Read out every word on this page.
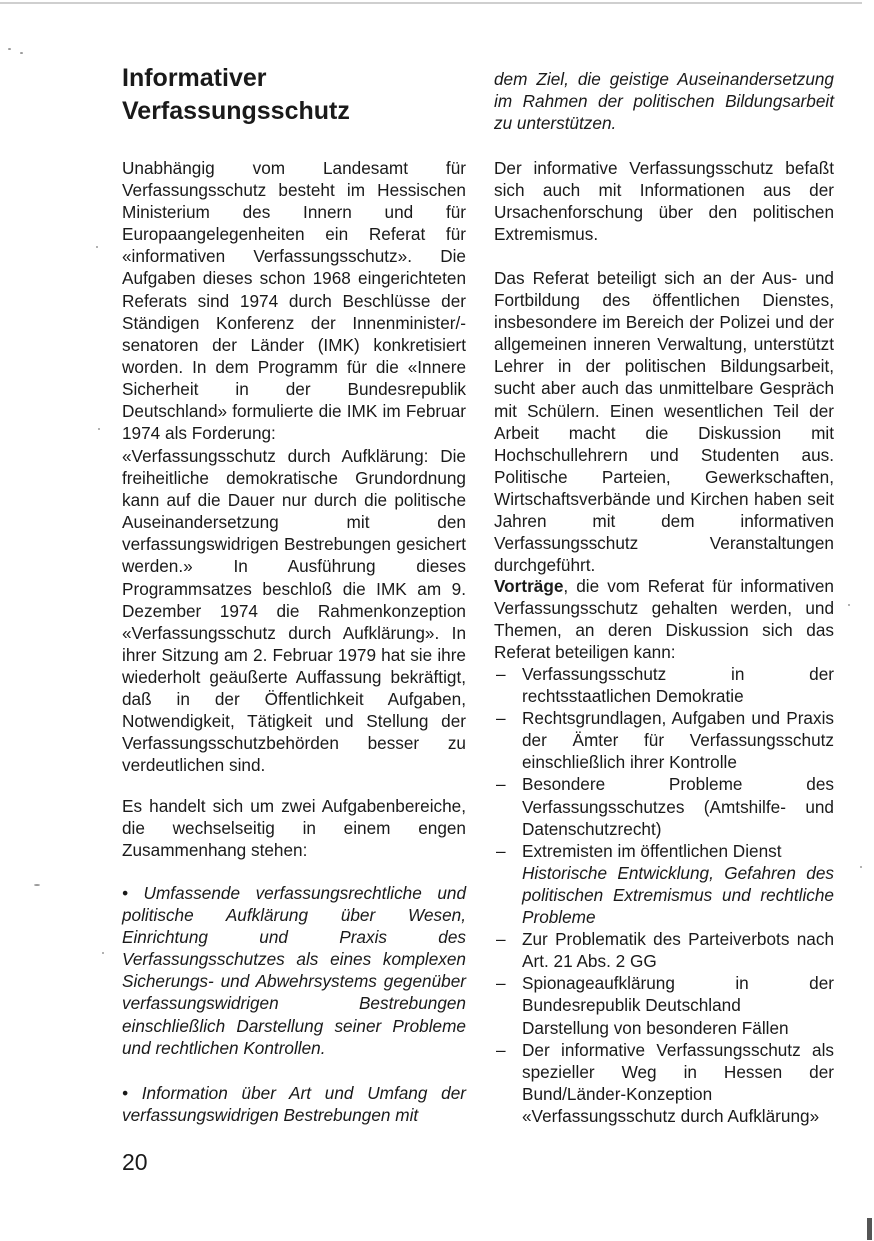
Informativer
Verfassungsschutz

Unabhängig vom Landesamt für Verfassungsschutz besteht im Hessischen Ministerium des Innern und für Europaangelegenheiten ein Referat für «informativen Verfassungsschutz». Die Aufgaben dieses schon 1968 eingerichteten Referats sind 1974 durch Beschlüsse der Ständigen Konferenz der Innenminister/-senatoren der Länder (IMK) konkretisiert worden. In dem Programm für die «Innere Sicherheit in der Bundesrepublik Deutschland» formulierte die IMK im Februar 1974 als Forderung:

«Verfassungsschutz durch Aufklärung: Die freiheitliche demokratische Grundordnung kann auf die Dauer nur durch die politische Auseinandersetzung mit den verfassungswidrigen Bestrebungen gesichert werden.» In Ausführung dieses Programmsatzes beschloß die IMK am 9. Dezember 1974 die Rahmenkonzeption «Verfassungsschutz durch Aufklärung». In ihrer Sitzung am 2. Februar 1979 hat sie ihre wiederholt geäußerte Auffassung bekräftigt, daß in der Öffentlichkeit Aufgaben, Notwendigkeit, Tätigkeit und Stellung der Verfassungsschutzbehörden besser zu verdeutlichen sind.

Es handelt sich um zwei Aufgabenbereiche, die wechselseitig in einem engen Zusammenhang stehen:

• Umfassende verfassungsrechtliche und politische Aufklärung über Wesen, Einrichtung und Praxis des Verfassungsschutzes als eines komplexen Sicherungs- und Abwehrsystems gegenüber verfassungswidrigen Bestrebungen einschließlich Darstellung seiner Probleme und rechtlichen Kontrollen.

• Information über Art und Umfang der verfassungswidrigen Bestrebungen mit

dem Ziel, die geistige Auseinandersetzung im Rahmen der politischen Bildungsarbeit zu unterstützen.

Der informative Verfassungsschutz befaßt sich auch mit Informationen aus der Ursachenforschung über den politischen Extremismus.

Das Referat beteiligt sich an der Aus- und Fortbildung des öffentlichen Dienstes, insbesondere im Bereich der Polizei und der allgemeinen inneren Verwaltung, unterstützt Lehrer in der politischen Bildungsarbeit, sucht aber auch das unmittelbare Gespräch mit Schülern. Einen wesentlichen Teil der Arbeit macht die Diskussion mit Hochschullehrern und Studenten aus. Politische Parteien, Gewerkschaften, Wirtschaftsverbände und Kirchen haben seit Jahren mit dem informativen Verfassungsschutz Veranstaltungen durchgeführt.

Vorträge, die vom Referat für informativen Verfassungsschutz gehalten werden, und Themen, an deren Diskussion sich das Referat beteiligen kann:

– Verfassungsschutz in der rechtsstaatlichen Demokratie
– Rechtsgrundlagen, Aufgaben und Praxis der Ämter für Verfassungsschutz einschließlich ihrer Kontrolle
– Besondere Probleme des Verfassungsschutzes (Amtshilfe- und Datenschutzrecht)
– Extremisten im öffentlichen Dienst
Historische Entwicklung, Gefahren des politischen Extremismus und rechtliche Probleme
– Zur Problematik des Parteiverbots nach Art. 21 Abs. 2 GG
– Spionageaufklärung in der Bundesrepublik Deutschland
Darstellung von besonderen Fällen
– Der informative Verfassungsschutz als spezieller Weg in Hessen der Bund/Länder-Konzeption «Verfassungsschutz durch Aufklärung»
20
